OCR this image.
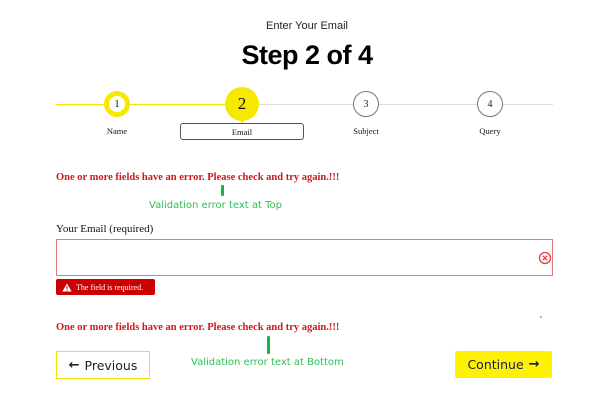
Enter Your Email
Step 2 of 4
1
Name
2
Email
3
Subject
4
Query
One or more fields have an error. Please check and try again.!!!
Validation error text at Top
Your Email (required)
The field is required.
One or more fields have an error. Please check and try again.!!!
Validation error text at Bottom
← Previous	Continue →
